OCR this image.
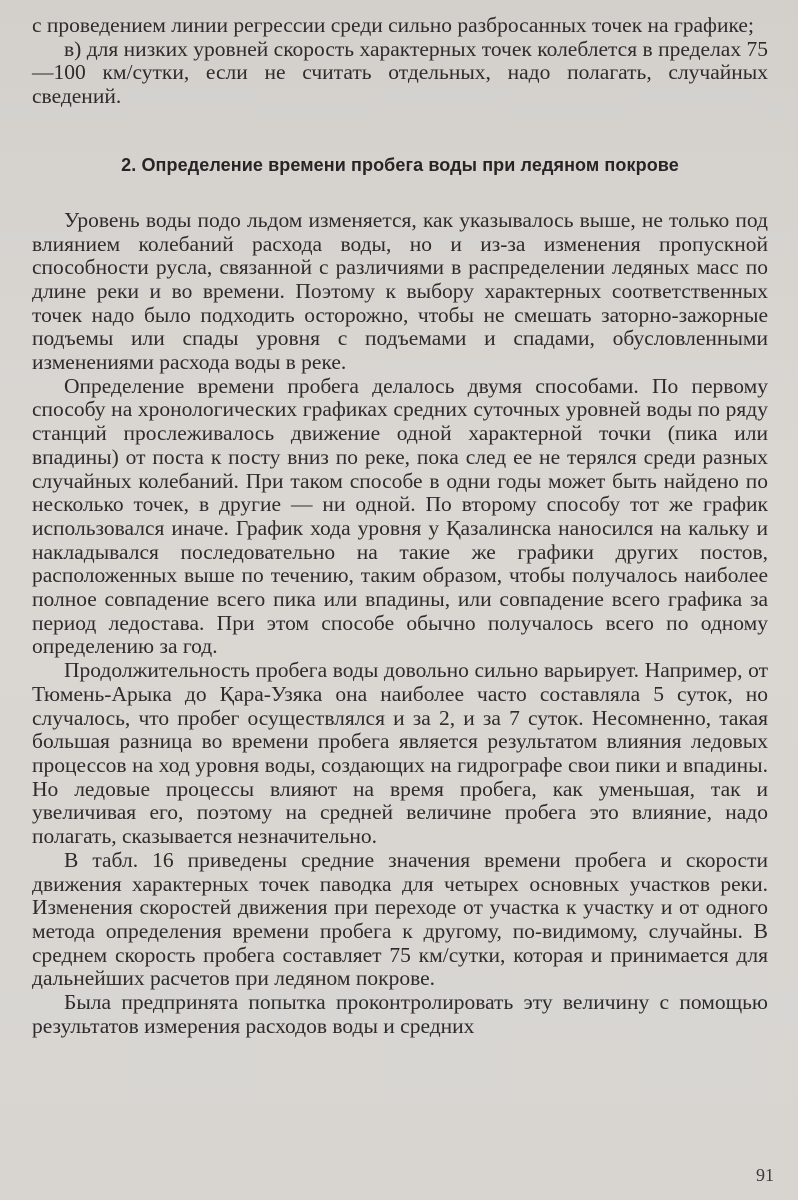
с проведением линии регрессии среди сильно разбросанных точек на графике;

в) для низких уровней скорость характерных точек колеблется в пределах 75—100 км/сутки, если не считать отдельных, надо полагать, случайных сведений.

2. Определение времени пробега воды при ледяном покрове

Уровень воды подо льдом изменяется, как указывалось выше, не только под влиянием колебаний расхода воды, но и из-за изменения пропускной способности русла, связанной с различиями в распределении ледяных масс по длине реки и во времени. Поэтому к выбору характерных соответственных точек надо было подходить осторожно, чтобы не смешать заторно-зажорные подъемы или спады уровня с подъемами и спадами, обусловленными изменениями расхода воды в реке.

Определение времени пробега делалось двумя способами. По первому способу на хронологических графиках средних суточных уровней воды по ряду станций прослеживалось движение одной характерной точки (пика или впадины) от поста к посту вниз по реке, пока след ее не терялся среди разных случайных колебаний. При таком способе в одни годы может быть найдено по несколько точек, в другие — ни одной. По второму способу тот же график использовался иначе. График хода уровня у Қазалинска наносился на кальку и накладывался последовательно на такие же графики других постов, расположенных выше по течению, таким образом, чтобы получалось наиболее полное совпадение всего пика или впадины, или совпадение всего графика за период ледостава. При этом способе обычно получалось всего по одному определению за год.

Продолжительность пробега воды довольно сильно варьирует. Например, от Тюмень-Арыка до Қара-Узяка она наиболее часто составляла 5 суток, но случалось, что пробег осуществлялся и за 2, и за 7 суток. Несомненно, такая большая разница во времени пробега является результатом влияния ледовых процессов на ход уровня воды, создающих на гидрографе свои пики и впадины. Но ледовые процессы влияют на время пробега, как уменьшая, так и увеличивая его, поэтому на средней величине пробега это влияние, надо полагать, сказывается незначительно.

В табл. 16 приведены средние значения времени пробега и скорости движения характерных точек паводка для четырех основных участков реки. Изменения скоростей движения при переходе от участка к участку и от одного метода определения времени пробега к другому, по-видимому, случайны. В среднем скорость пробега составляет 75 км/сутки, которая и принимается для дальнейших расчетов при ледяном покрове.

Была предпринята попытка проконтролировать эту величину с помощью результатов измерения расходов воды и средних

91
